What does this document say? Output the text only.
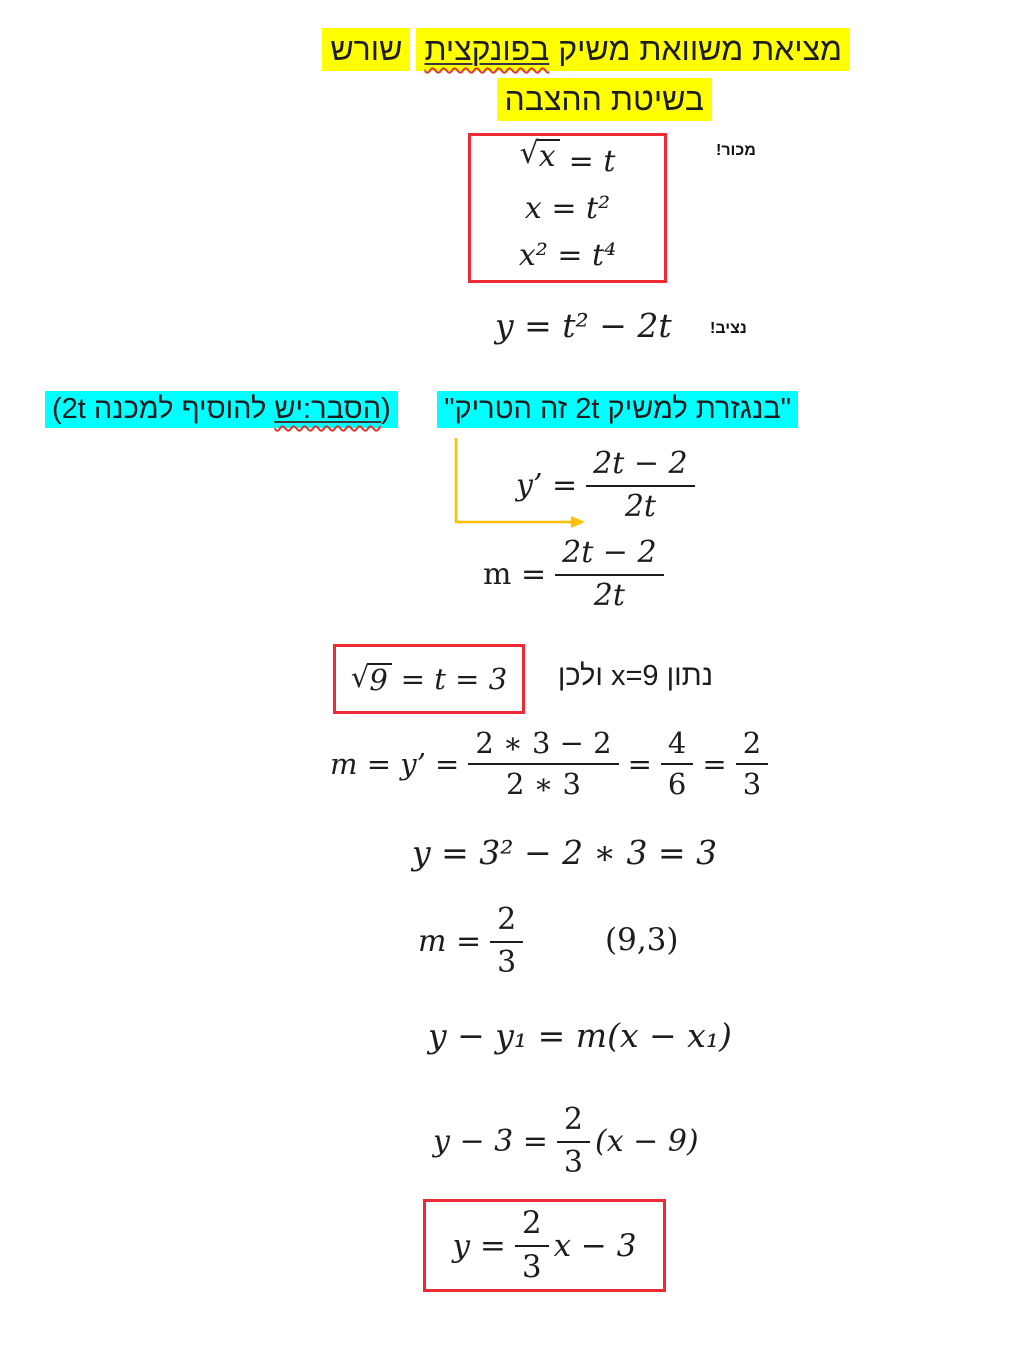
מציאת משוואת משיק בפונקציתשורש
בשיטת ההצבה
מכור!
√ x = t
x = t²
x² = t⁴
y = t² − 2t נציב!
"בנגזרת למשיק 2t זה הטריק"
(הסבר:יש להוסיף למכנה 2t)
y’ = $\frac{2t - 2}{2t}$
$m = \frac{2t - 2}{2t}$
√ 9 = t = 3 נתון x=9 ולכן
m = y’ = $\frac{2 ∗ 3 - 2}{2 ∗ 3} = \frac{4}{6} = \frac{2}{3}$
y = 3² − 2 ∗ 3 = 3
$m = \frac{2}{3}$	(9,3)
y − y₁ = m(x − x₁)
$y - 3 = \frac{2}{3} (x - 9)$
$y = \frac{2}{3}$ x − 3
